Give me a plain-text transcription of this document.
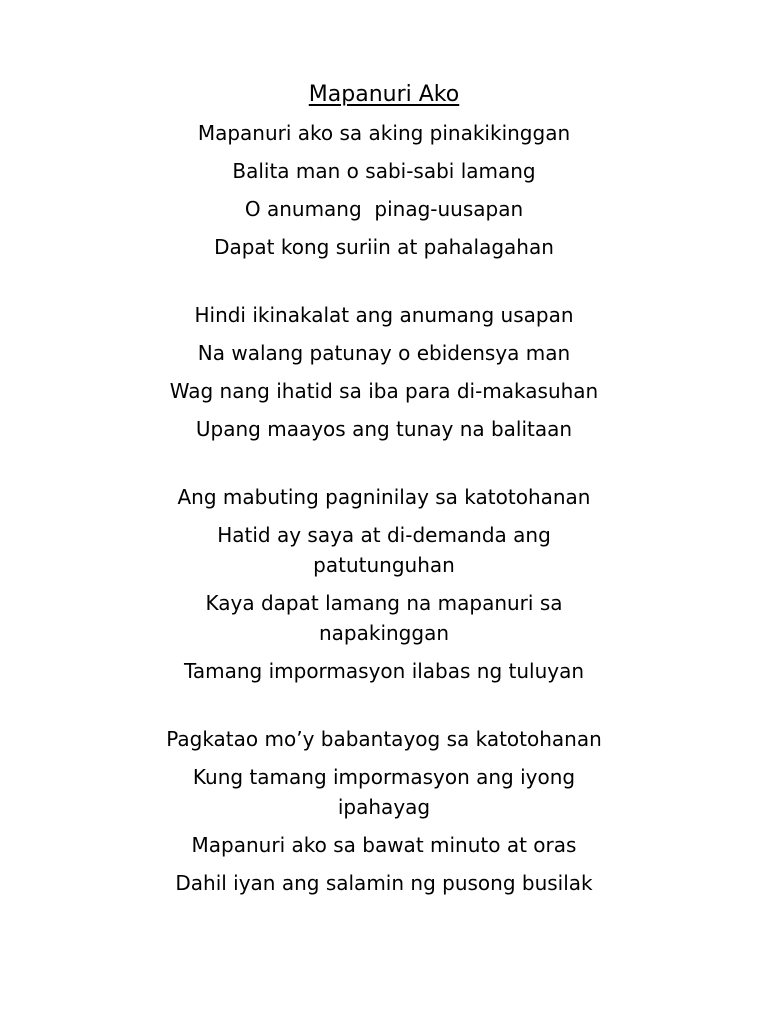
Mapanuri Ako
Mapanuri ako sa aking pinakikinggan
Balita man o sabi-sabi lamang
O anumang  pinag-uusapan
Dapat kong suriin at pahalagahan
Hindi ikinakalat ang anumang usapan
Na walang patunay o ebidensya man
Wag nang ihatid sa iba para di-makasuhan
Upang maayos ang tunay na balitaan
Ang mabuting pagninilay sa katotohanan
Hatid ay saya at di-demanda ang patutunguhan
Kaya dapat lamang na mapanuri sa napakinggan
Tamang impormasyon ilabas ng tuluyan
Pagkatao mo’y babantayog sa katotohanan
Kung tamang impormasyon ang iyong ipahayag
Mapanuri ako sa bawat minuto at oras
Dahil iyan ang salamin ng pusong busilak
